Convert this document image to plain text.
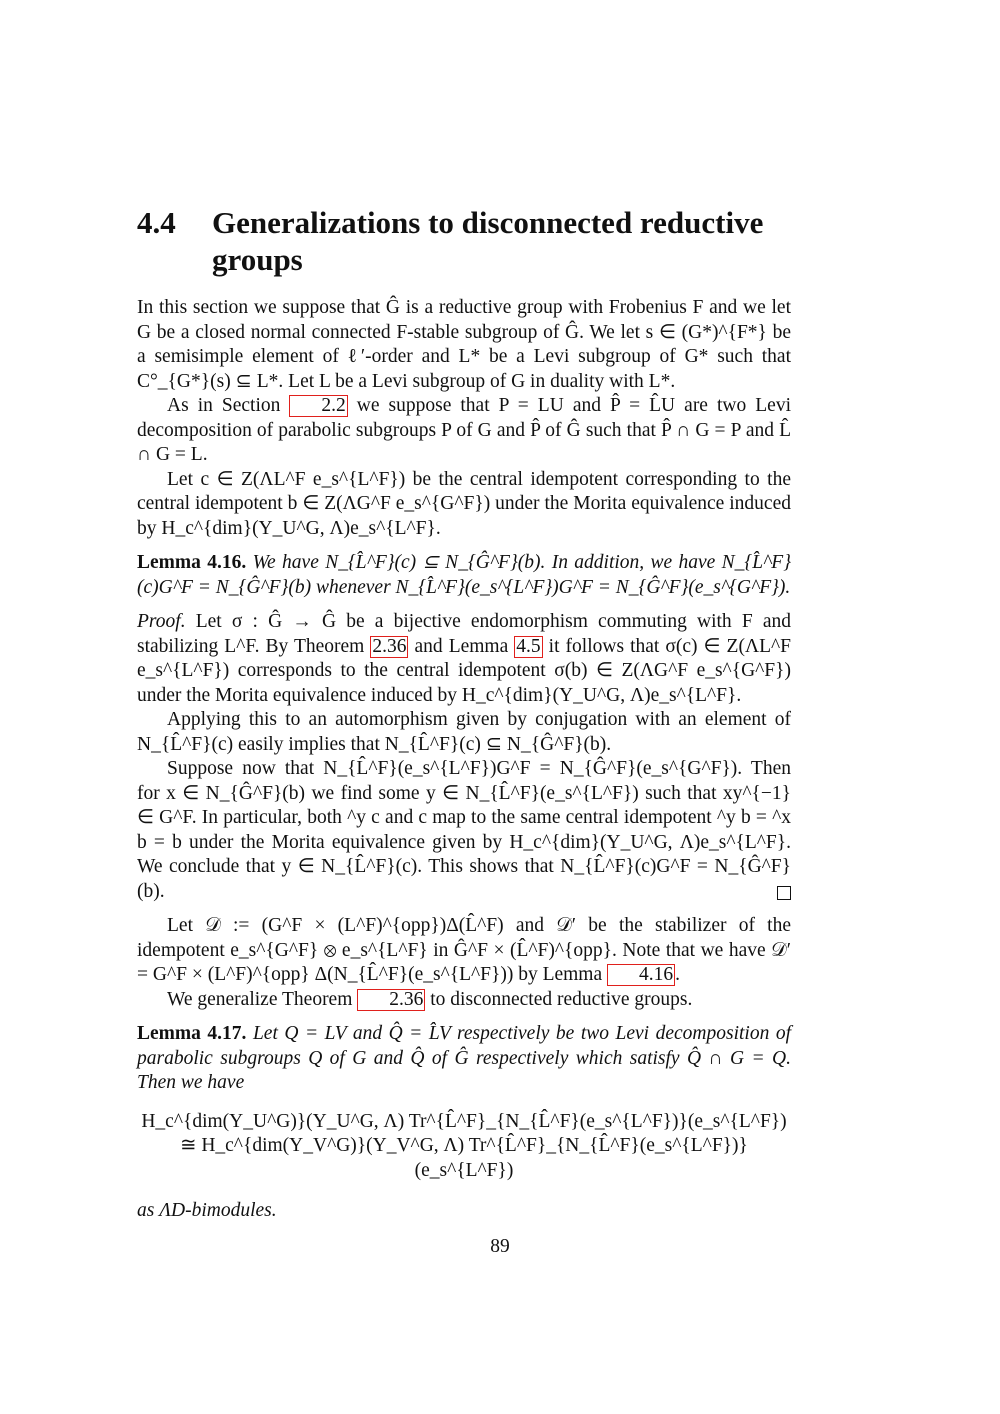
4.4 Generalizations to disconnected reductive groups

In this section we suppose that Ĝ is a reductive group with Frobenius F and we let G be a closed normal connected F-stable subgroup of Ĝ. We let s ∈ (G*)^{F*} be a semisimple element of ℓ′-order and L* be a Levi subgroup of G* such that C°_{G*}(s) ⊆ L*. Let L be a Levi subgroup of G in duality with L*.

As in Section 2.2 we suppose that P = LU and P̂ = L̂U are two Levi decomposition of parabolic subgroups P of G and P̂ of Ĝ such that P̂ ∩ G = P and L̂ ∩ G = L.

Let c ∈ Z(ΛL^F e_s^{L^F}) be the central idempotent corresponding to the central idempotent b ∈ Z(ΛG^F e_s^{G^F}) under the Morita equivalence induced by H_c^{dim}(Y_U^G, Λ)e_s^{L^F}.

Lemma 4.16. We have N_{L̂^F}(c) ⊆ N_{Ĝ^F}(b). In addition, we have N_{L̂^F}(c)G^F = N_{Ĝ^F}(b) whenever N_{L̂^F}(e_s^{L^F})G^F = N_{Ĝ^F}(e_s^{G^F}).

Proof. Let σ : Ĝ → Ĝ be a bijective endomorphism commuting with F and stabilizing L^F. By Theorem 2.36 and Lemma 4.5 it follows that σ(c) ∈ Z(ΛL^F e_s^{L^F}) corresponds to the central idempotent σ(b) ∈ Z(ΛG^F e_s^{G^F}) under the Morita equivalence induced by H_c^{dim}(Y_U^G, Λ)e_s^{L^F}.

Applying this to an automorphism given by conjugation with an element of N_{L̂^F}(c) easily implies that N_{L̂^F}(c) ⊆ N_{Ĝ^F}(b).

Suppose now that N_{L̂^F}(e_s^{L^F})G^F = N_{Ĝ^F}(e_s^{G^F}). Then for x ∈ N_{Ĝ^F}(b) we find some y ∈ N_{L̂^F}(e_s^{L^F}) such that xy^{−1} ∈ G^F. In particular, both ^y c and c map to the same central idempotent ^y b = ^x b = b under the Morita equivalence given by H_c^{dim}(Y_U^G, Λ)e_s^{L^F}. We conclude that y ∈ N_{L̂^F}(c). This shows that N_{L̂^F}(c)G^F = N_{Ĝ^F}(b).

Let 𝒟 := (G^F × (L^F)^{opp})Δ(L̂^F) and 𝒟′ be the stabilizer of the idempotent e_s^{G^F} ⊗ e_s^{L^F} in Ĝ^F × (L̂^F)^{opp}. Note that we have 𝒟′ = G^F × (L^F)^{opp} Δ(N_{L̂^F}(e_s^{L^F})) by Lemma 4.16 .

We generalize Theorem 2.36 to disconnected reductive groups.

Lemma 4.17. Let Q = LV and Q̂ = L̂V respectively be two Levi decomposition of parabolic subgroups Q of G and Q̂ of Ĝ respectively which satisfy Q̂ ∩ G = Q. Then we have

H_c^{dim(Y_U^G)}(Y_U^G, Λ) Tr^{L̂^F}_{N_{L̂^F}(e_s^{L^F})}(e_s^{L^F}) ≅ H_c^{dim(Y_V^G)}(Y_V^G, Λ) Tr^{L̂^F}_{N_{L̂^F}(e_s^{L^F})}(e_s^{L^F})

as ΛD-bimodules.

89
